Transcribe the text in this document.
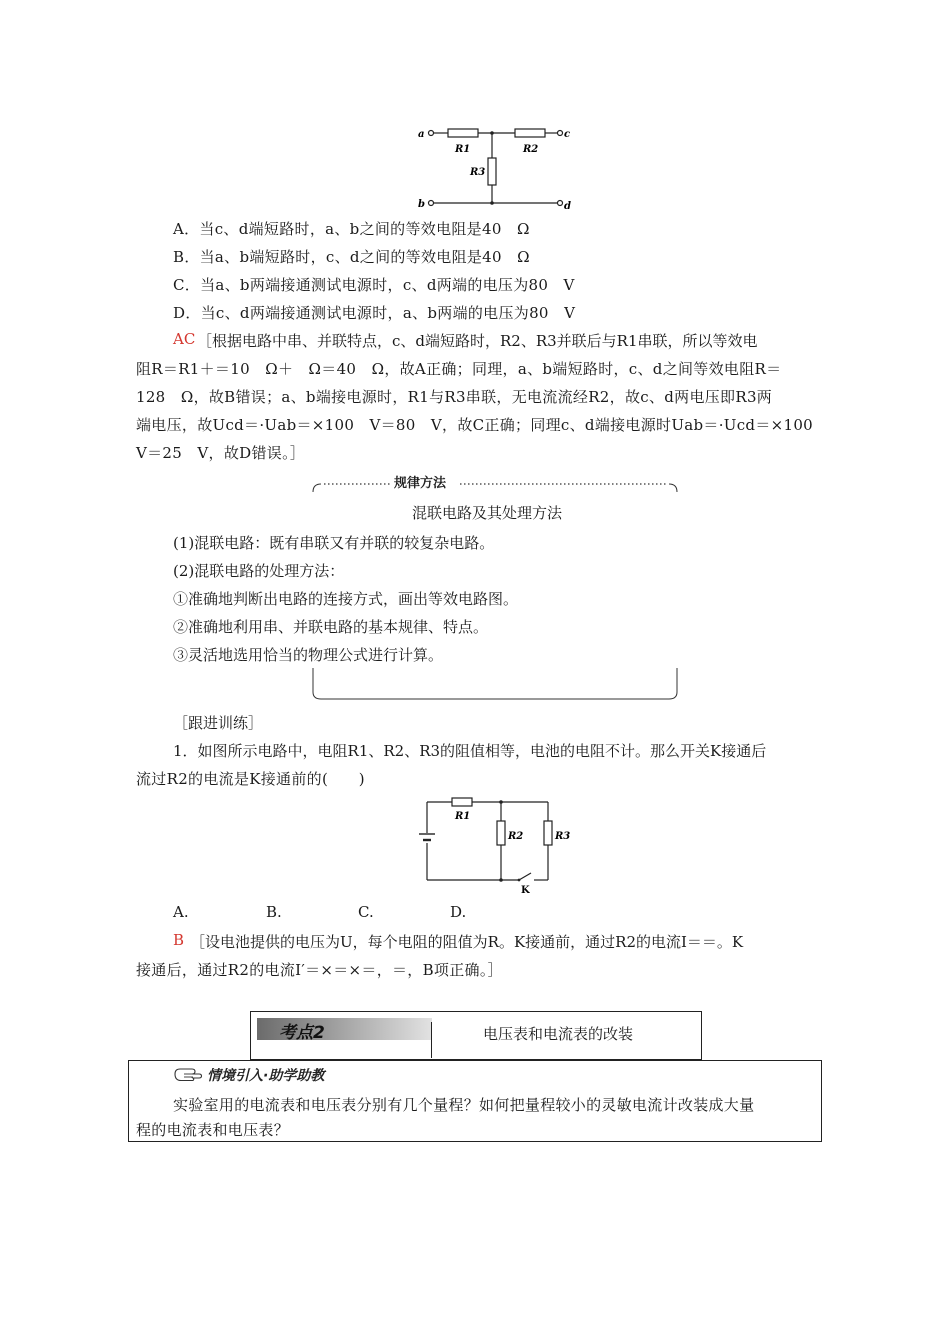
a	c
b	d
R1	R2
R3
A．当c、d端短路时，a、b之间的等效电阻是40　Ω
B．当a、b端短路时，c、d之间的等效电阻是40　Ω
C．当a、b两端接通测试电源时，c、d两端的电压为80　V
D．当c、d两端接通测试电源时，a、b两端的电压为80　V
AC ［根据电路中串、并联特点，c、d端短路时，R2、R3并联后与R1串联，所以等效电
阻R＝R1＋＝10　Ω＋　Ω＝40　Ω，故A正确；同理，a、b端短路时，c、d之间等效电阻R＝
128　Ω，故B错误；a、b端接电源时，R1与R3串联，无电流流经R2，故c、d两电压即R3两
端电压，故Ucd＝·Uab＝×100　V＝80　V，故C正确；同理c、d端接电源时Uab＝·Ucd＝×100
V＝25　V，故D错误。］
规律方法
混联电路及其处理方法
(1)混联电路：既有串联又有并联的较复杂电路。
(2)混联电路的处理方法：
①准确地判断出电路的连接方式，画出等效电路图。
②准确地利用串、并联电路的基本规律、特点。
③灵活地选用恰当的物理公式进行计算。
［跟进训练］
1．如图所示电路中，电阻R1、R2、R3的阻值相等，电池的电阻不计。那么开关K接通后
流过R2的电流是K接通前的(　　)
R1
R2	R3
K
A.	B.	C.	D.
B ［设电池提供的电压为U，每个电阻的阻值为R。K接通前，通过R2的电流I＝＝。K
接通后，通过R2的电流I′＝×＝×＝，＝，B项正确。］
考点2	电压表和电流表的改装
情境引入·助学助教
实验室用的电流表和电压表分别有几个量程？如何把量程较小的灵敏电流计改装成大量
程的电流表和电压表？
